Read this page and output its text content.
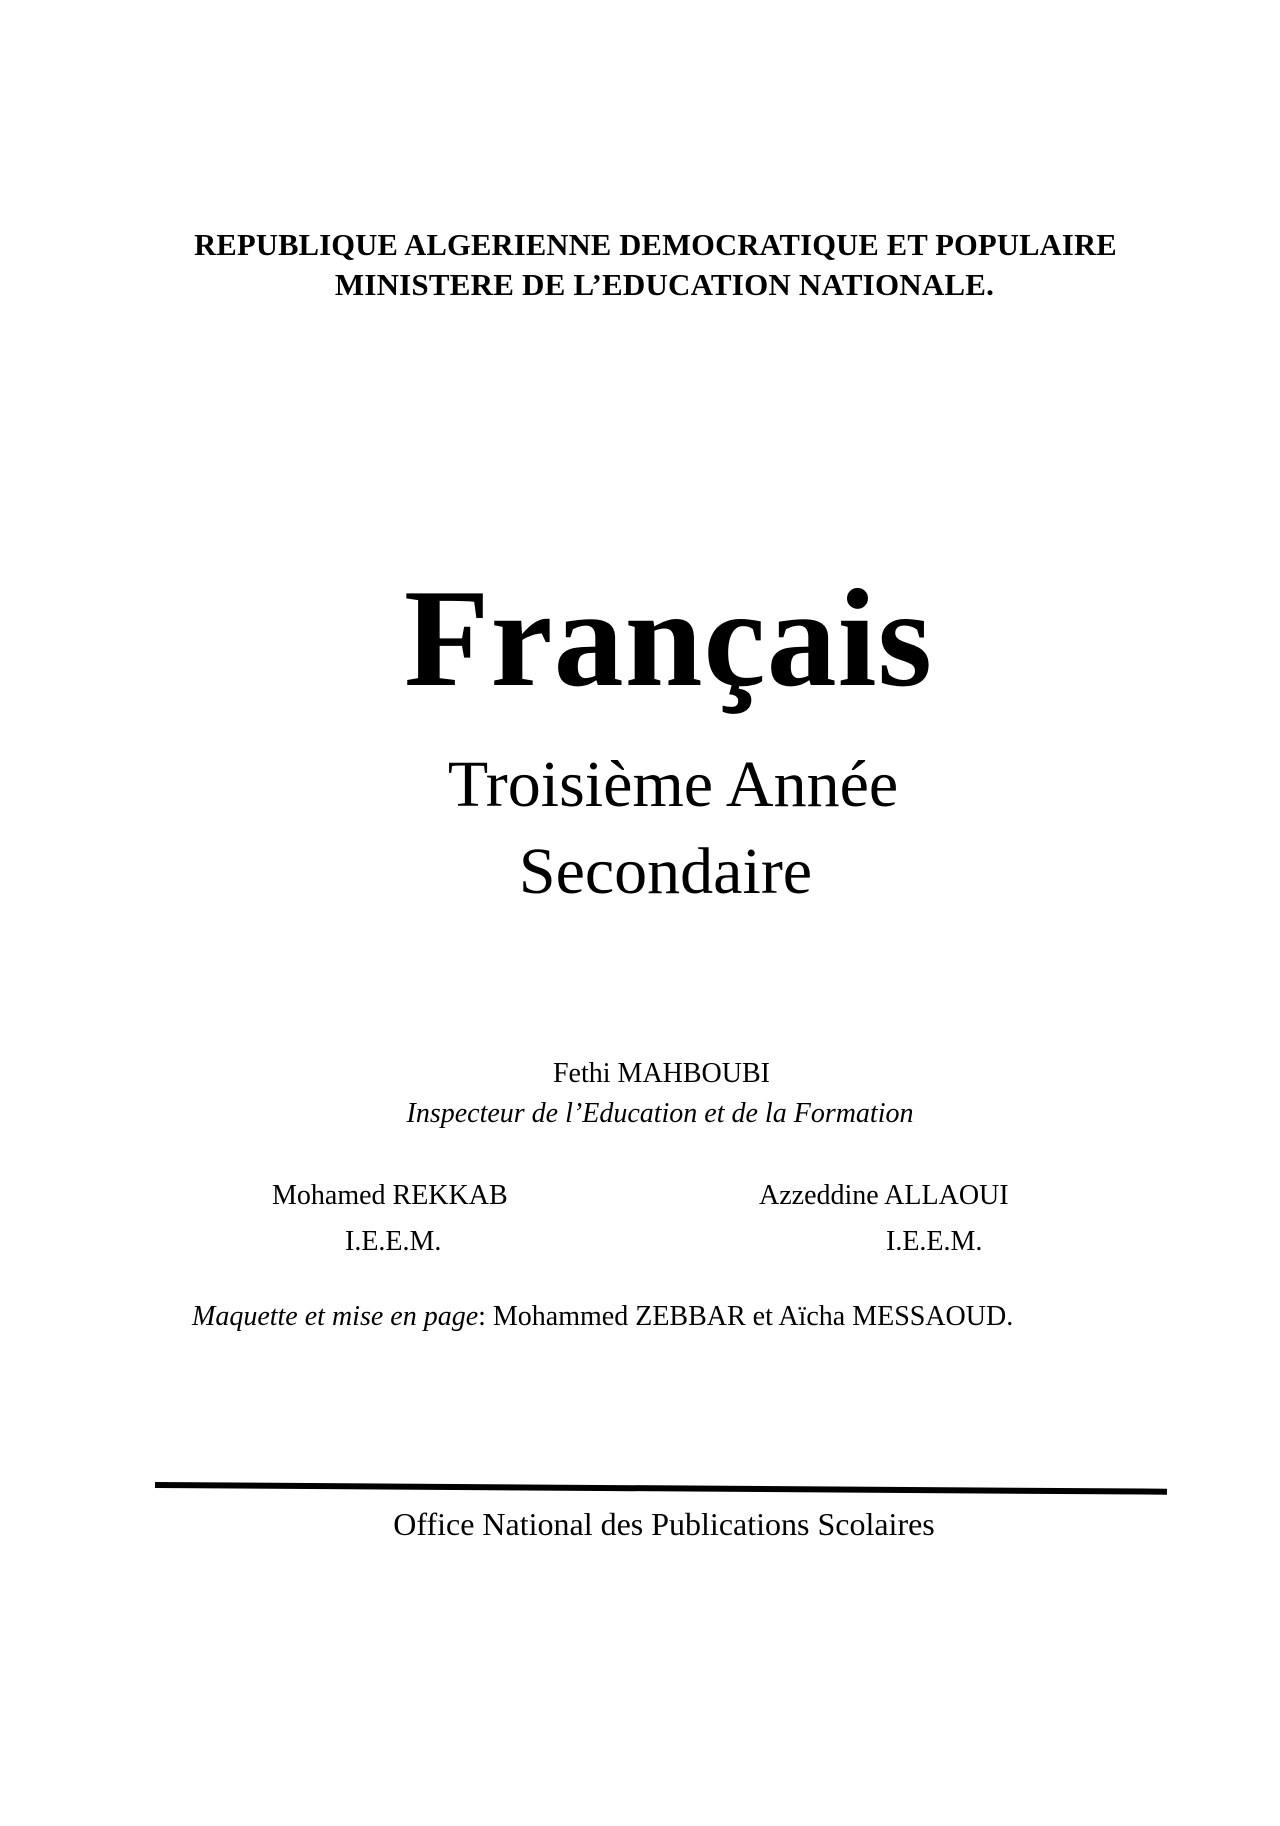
REPUBLIQUE ALGERIENNE DEMOCRATIQUE ET POPULAIRE
MINISTERE DE L’EDUCATION NATIONALE.
Français
Troisième Année
Secondaire
Fethi MAHBOUBI
Inspecteur de l’Education et de la Formation
Mohamed REKKAB
I.E.E.M.
Azzeddine ALLAOUI
I.E.E.M.
Maquette et mise en page: Mohammed ZEBBAR et Aïcha MESSAOUD.
Office National des Publications Scolaires
